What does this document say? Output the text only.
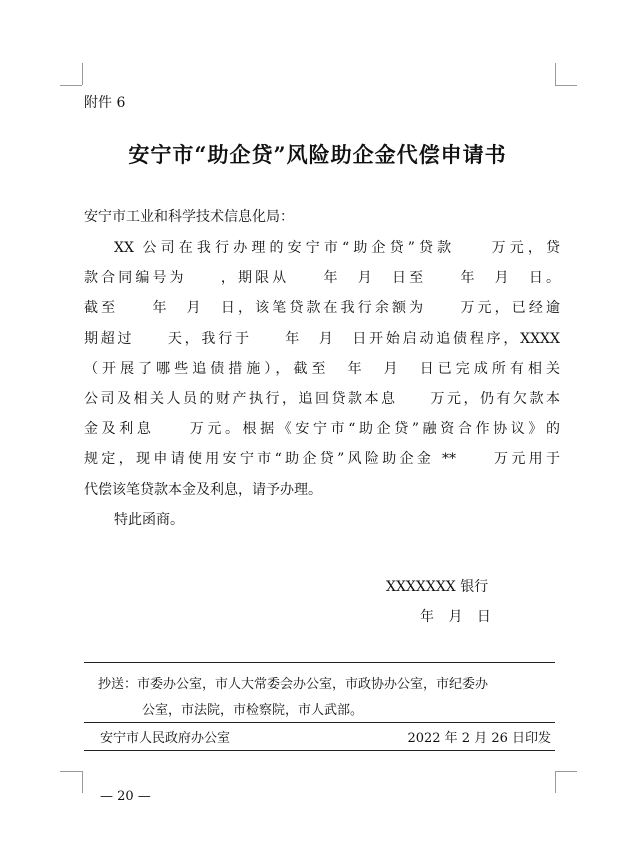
附件 6
安宁市“助企贷”风险助企金代偿申请书
安宁市工业和科学技术信息化局：
XX 公司在我行办理的安宁市“助企贷”贷款　　万元，贷
款合同编号为　　，期限从　　年　月　日至　　年　月　日。
截至　　年　月　日，该笔贷款在我行余额为　　万元，已经逾
期超过　　天，我行于　　年　月　日开始启动追债程序，XXXX
（开展了哪些追债措施），截至　年　月　日已完成所有相关
公司及相关人员的财产执行，追回贷款本息　　万元，仍有欠款本
金及利息　　万元。根据《安宁市“助企贷”融资合作协议》的
规定，现申请使用安宁市“助企贷”风险助企金 **　　万元用于
代偿该笔贷款本金及利息，请予办理。
特此函商。
XXXXXXX 银行
年 月 日
抄送：市委办公室，市人大常委会办公室，市政协办公室，市纪委办
公室，市法院，市检察院，市人武部。
安宁市人民政府办公室	2022 年 2 月 26 日印发
— 20 —
